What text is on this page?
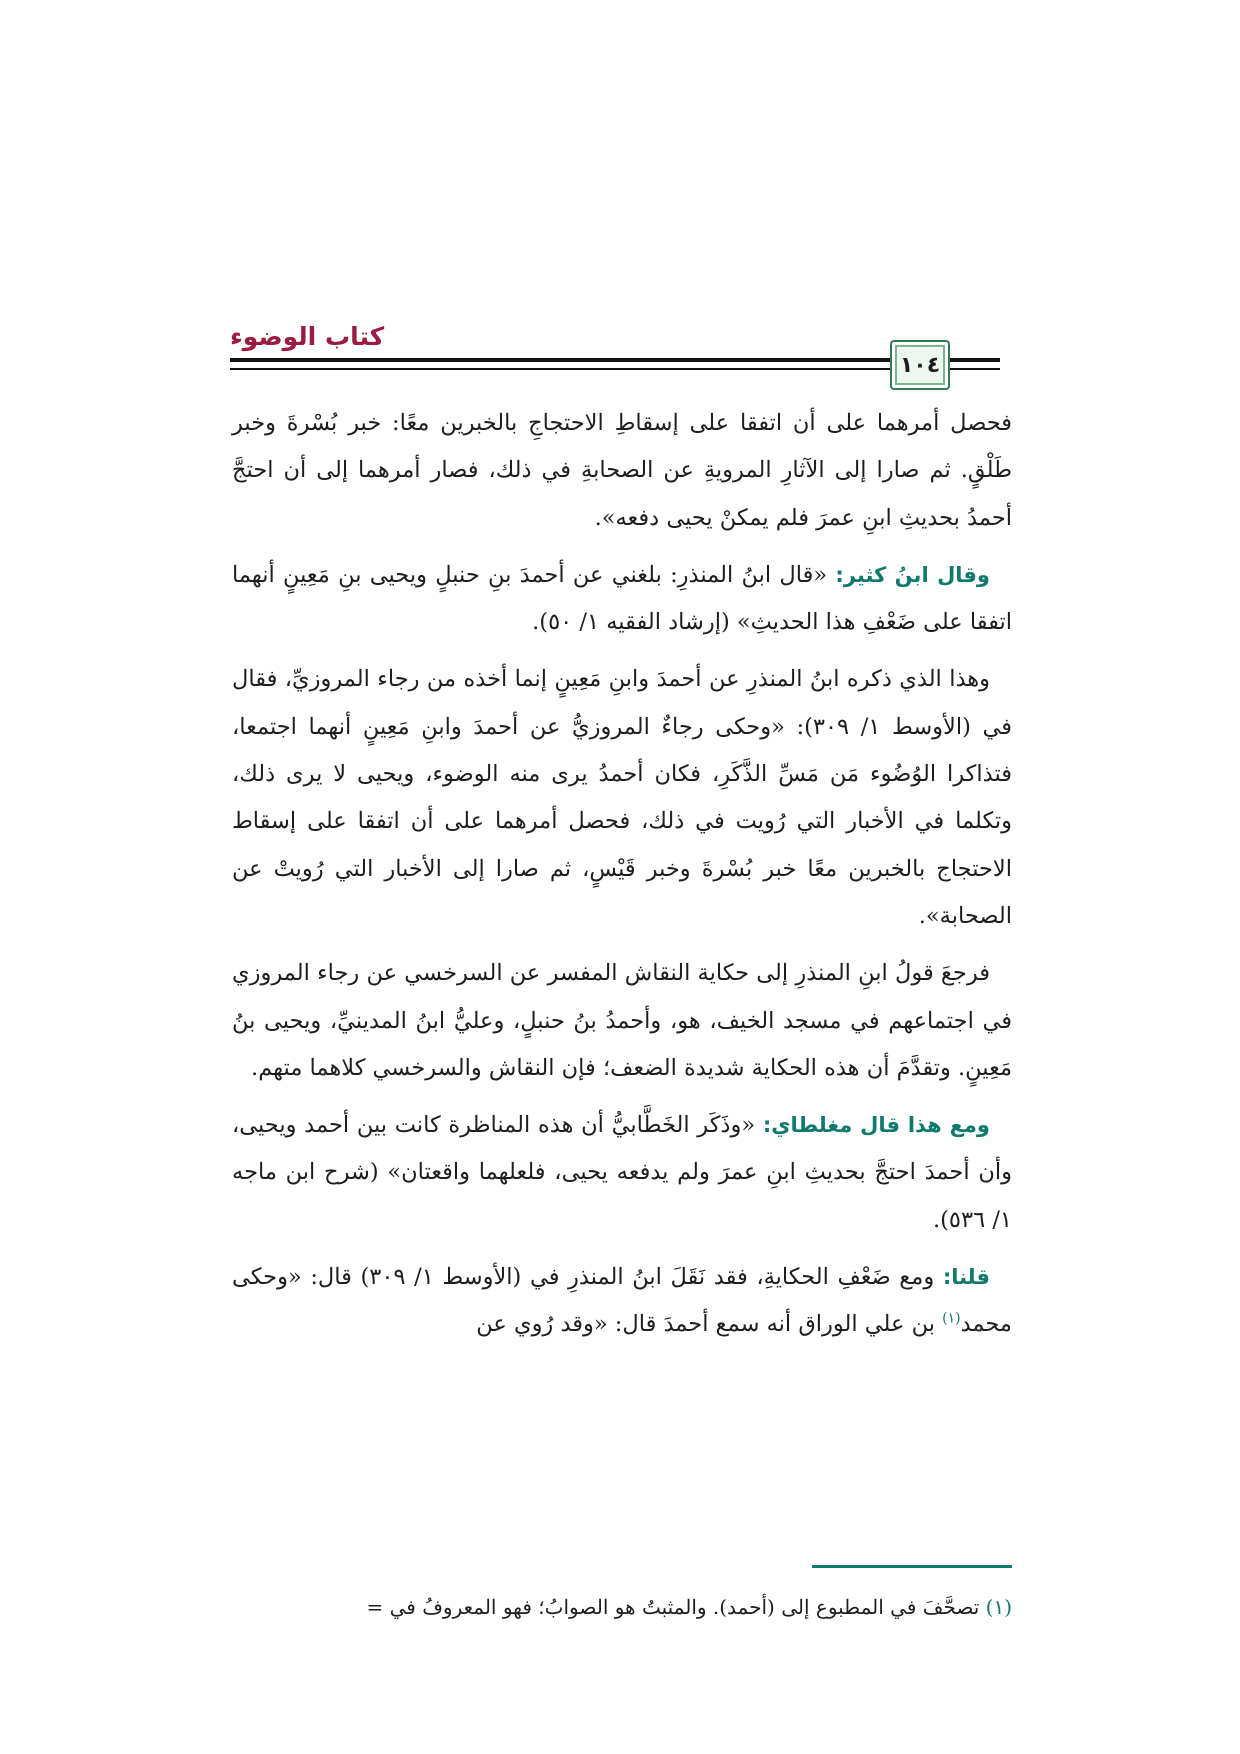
كتاب الوضوء
١٠٤

فحصل أمرهما على أن اتفقا على إسقاطِ الاحتجاجِ بالخبرين معًا: خبر بُسْرةَ وخبر طَلْقٍ. ثم صارا إلى الآثارِ المرويةِ عن الصحابةِ في ذلك، فصار أمرهما إلى أن احتجَّ أحمدُ بحديثِ ابنِ عمرَ فلم يمكنْ يحيى دفعه».

وقال ابنُ كثير: «قال ابنُ المنذرِ: بلغني عن أحمدَ بنِ حنبلٍ ويحيى بنِ مَعِينٍ أنهما اتفقا على ضَعْفِ هذا الحديثِ» (إرشاد الفقيه ١/ ٥٠).

وهذا الذي ذكره ابنُ المنذرِ عن أحمدَ وابنِ مَعِينٍ إنما أخذه من رجاء المروزيِّ، فقال في (الأوسط ١/ ٣٠٩): «وحكى رجاءٌ المروزيُّ عن أحمدَ وابنِ مَعِينٍ أنهما اجتمعا، فتذاكرا الوُضُوء مَن مَسِّ الذَّكَرِ، فكان أحمدُ يرى منه الوضوء، ويحيى لا يرى ذلك، وتكلما في الأخبار التي رُويت في ذلك، فحصل أمرهما على أن اتفقا على إسقاط الاحتجاج بالخبرين معًا خبر بُسْرةَ وخبر قَيْسٍ، ثم صارا إلى الأخبار التي رُويتْ عن الصحابة».

فرجعَ قولُ ابنِ المنذرِ إلى حكاية النقاش المفسر عن السرخسي عن رجاء المروزي في اجتماعهم في مسجد الخيف، هو، وأحمدُ بنُ حنبلٍ، وعليُّ ابنُ المدينيِّ، ويحيى بنُ مَعِينٍ. وتقدَّمَ أن هذه الحكاية شديدة الضعف؛ فإن النقاش والسرخسي كلاهما متهم.

ومع هذا قال مغلطاي: «وذَكَر الخَطَّابيُّ أن هذه المناظرة كانت بين أحمد ويحيى، وأن أحمدَ احتجَّ بحديثِ ابنِ عمرَ ولم يدفعه يحيى، فلعلهما واقعتان» (شرح ابن ماجه ١/ ٥٣٦).

قلنا: ومع ضَعْفِ الحكايةِ، فقد نَقَلَ ابنُ المنذرِ في (الأوسط ١/ ٣٠٩) قال: «وحكى محمد$^{(١)}$ بن علي الوراق أنه سمع أحمدَ قال: «وقد رُوي عن

(١) تصحَّفَ في المطبوع إلى (أحمد). والمثبتُ هو الصوابُ؛ فهو المعروفُ في =
